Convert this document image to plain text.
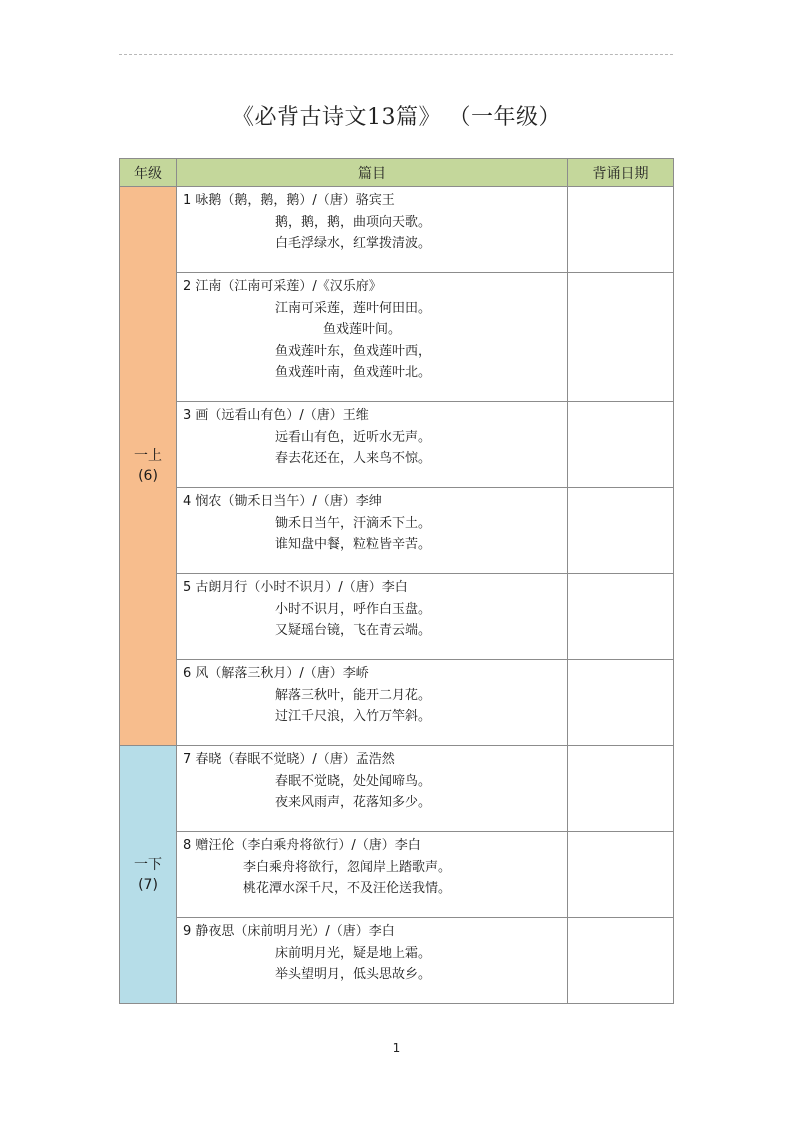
《必背古诗文13篇》 （一年级）
年级	篇目	背诵日期

一上
(6)

1 咏鹅（鹅，鹅，鹅）/（唐）骆宾王
鹅，鹅，鹅，曲项向天歌。
白毛浮绿水，红掌拨清波。

	2 江南（江南可采莲）/《汉乐府》
江南可采莲，莲叶何田田。
鱼戏莲叶间。
鱼戏莲叶东，鱼戏莲叶西，
鱼戏莲叶南，鱼戏莲叶北。	

	3 画（远看山有色）/（唐）王维
远看山有色，近听水无声。
春去花还在，人来鸟不惊。	

	4 悯农（锄禾日当午）/（唐）李绅
锄禾日当午，汗滴禾下土。
谁知盘中餐，粒粒皆辛苦。	

	5 古朗月行（小时不识月）/（唐）李白
小时不识月，呼作白玉盘。
又疑瑶台镜，飞在青云端。	

	6 风（解落三秋月）/（唐）李峤
解落三秋叶，能开二月花。
过江千尺浪，入竹万竿斜。	

一下
(7)

7 春晓（春眠不觉晓）/（唐）孟浩然
春眠不觉晓，处处闻啼鸟。
夜来风雨声，花落知多少。

	8 赠汪伦（李白乘舟将欲行）/（唐）李白
李白乘舟将欲行，忽闻岸上踏歌声。
桃花潭水深千尺，不及汪伦送我情。	

	9 静夜思（床前明月光）/（唐）李白
床前明月光，疑是地上霜。
举头望明月，低头思故乡。	

1
